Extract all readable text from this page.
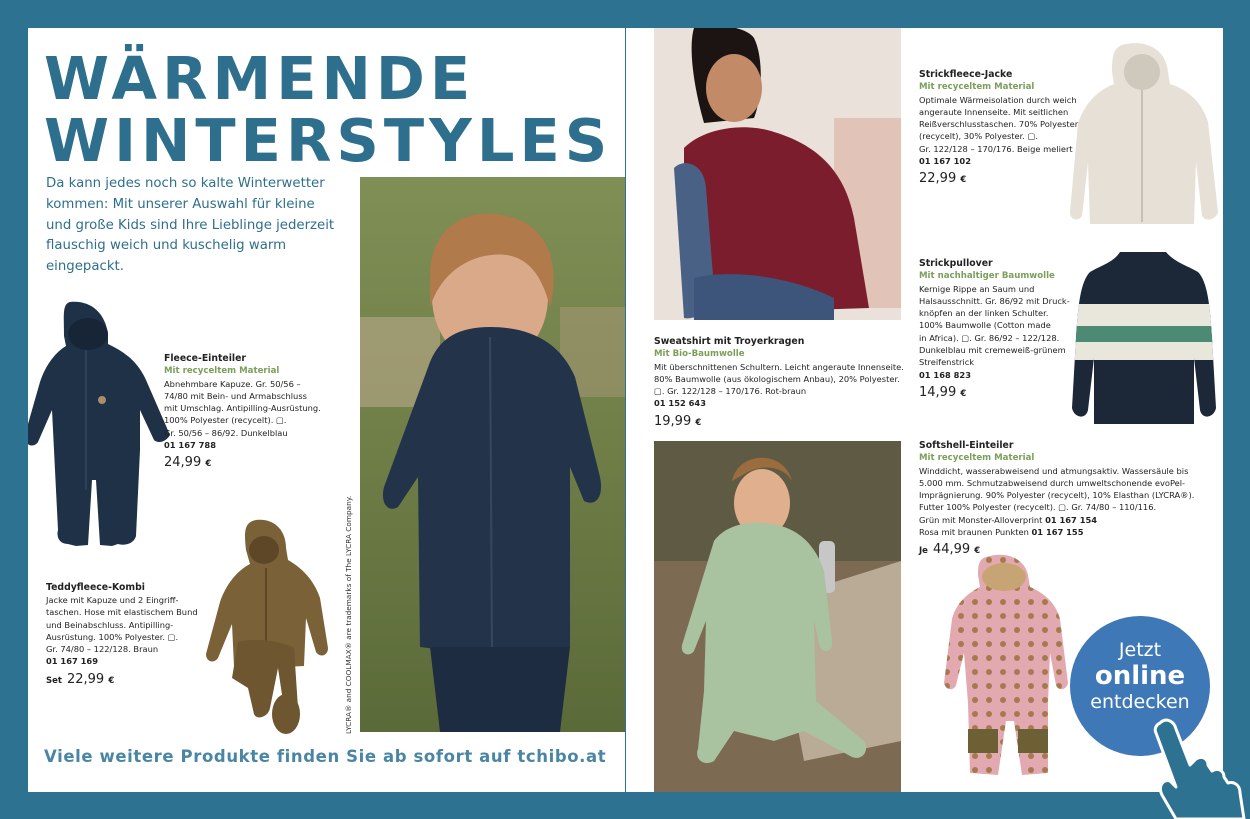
WÄRMENDE
WINTERSTYLES
Da kann jedes noch so kalte Winterwetter kommen: Mit unserer Auswahl für kleine und große Kids sind Ihre Lieblinge jederzeit flauschig weich und kuschelig warm eingepackt.
Fleece-Einteiler
Mit recyceltem Material
Abnehmbare Kapuze. Gr. 50/56 –
74/80 mit Bein- und Armabschluss
mit Umschlag. Antipilling-Ausrüstung.
100% Polyester (recycelt). ▢.
Gr. 50/56 – 86/92. Dunkelblau
01 167 788
24,99 €
Teddyfleece-Kombi
Jacke mit Kapuze und 2 Eingriff-
taschen. Hose mit elastischem Bund
und Beinabschluss. Antipilling-
Ausrüstung. 100% Polyester. ▢.
Gr. 74/80 – 122/128. Braun
01 167 169
Set 22,99 €	LYCRA® and COOLMAX® are trademarks of The LYCRA Company.
Viele weitere Produkte finden Sie ab sofort auf tchibo.at
Sweatshirt mit Troyerkragen
Mit Bio-Baumwolle
Mit überschnittenen Schultern. Leicht angeraute Innenseite.
80% Baumwolle (aus ökologischem Anbau), 20% Polyester.
▢. Gr. 122/128 – 170/176. Rot-braun
01 152 643
19,99 €
Strickfleece-Jacke
Mit recyceltem Material
Optimale Wärmeisolation durch weich
angeraute Innenseite. Mit seitlichen
Reißverschlusstaschen. 70% Polyester
(recycelt), 30% Polyester. ▢.
Gr. 122/128 – 170/176. Beige meliert
01 167 102
22,99 €
Strickpullover
Mit nachhaltiger Baumwolle
Kernige Rippe an Saum und
Halsausschnitt. Gr. 86/92 mit Druck-
knöpfen an der linken Schulter.
100% Baumwolle (Cotton made
in Africa). ▢. Gr. 86/92 – 122/128.
Dunkelblau mit cremeweiß-grünem
Streifenstrick
01 168 823
14,99 €
Softshell-Einteiler
Mit recyceltem Material
Winddicht, wasserabweisend und atmungsaktiv. Wassersäule bis
5.000 mm. Schmutzabweisend durch umweltschonende evoPel-
Imprägnierung. 90% Polyester (recycelt), 10% Elasthan (LYCRA®).
Futter 100% Polyester (recycelt). ▢. Gr. 74/80 – 110/116.
Grün mit Monster-Alloverprint 01 167 154
Rosa mit braunen Punkten 01 167 155
Je 44,99 €
Jetzt
online
entdecken
